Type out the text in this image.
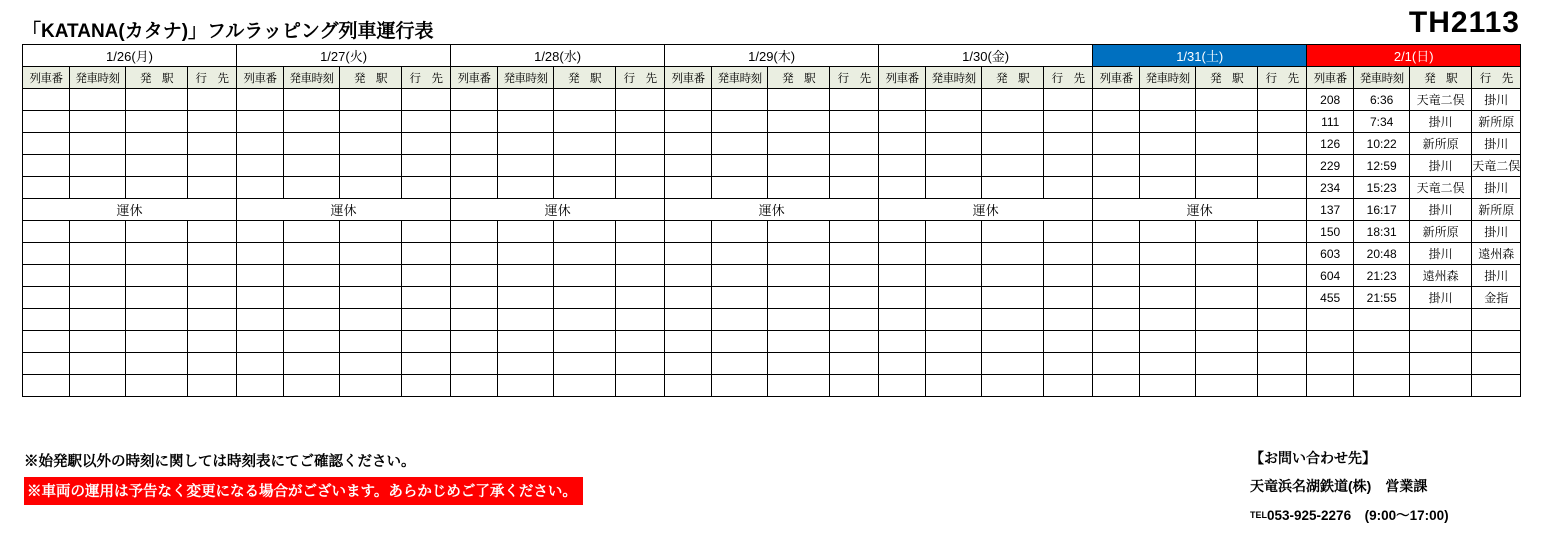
「KATANA(カタナ)」フルラッピング列車運行表	TH2113
1/26(月)				1/27(火)				1/28(水)				1/29(木)				1/30(金)				1/31(土)				2/1(日)			
列車番	発車時刻	発　駅	行　先	列車番	発車時刻	発　駅	行　先	列車番	発車時刻	発　駅	行　先	列車番	発車時刻	発　駅	行　先	列車番	発車時刻	発　駅	行　先	列車番	発車時刻	発　駅	行　先	列車番	発車時刻	発　駅	行　先
																								208	6:36	天竜二俣	掛川
																								111	7:34	掛川	新所原
																								126	10:22	新所原	掛川
																								229	12:59	掛川	天竜二俣
																								234	15:23	天竜二俣	掛川
運休				運休				運休				運休				運休				運休				137	16:17	掛川	新所原
																								150	18:31	新所原	掛川
																								603	20:48	掛川	遠州森
																								604	21:23	遠州森	掛川
																								455	21:55	掛川	金指

※始発駅以外の時刻に関しては時刻表にてご確認ください。

※車両の運用は予告なく変更になる場合がございます。あらかじめご了承ください。
【お問い合わせ先】
天竜浜名湖鉄道(株)　営業課
TEL053-925-2276　(9:00〜17:00)
